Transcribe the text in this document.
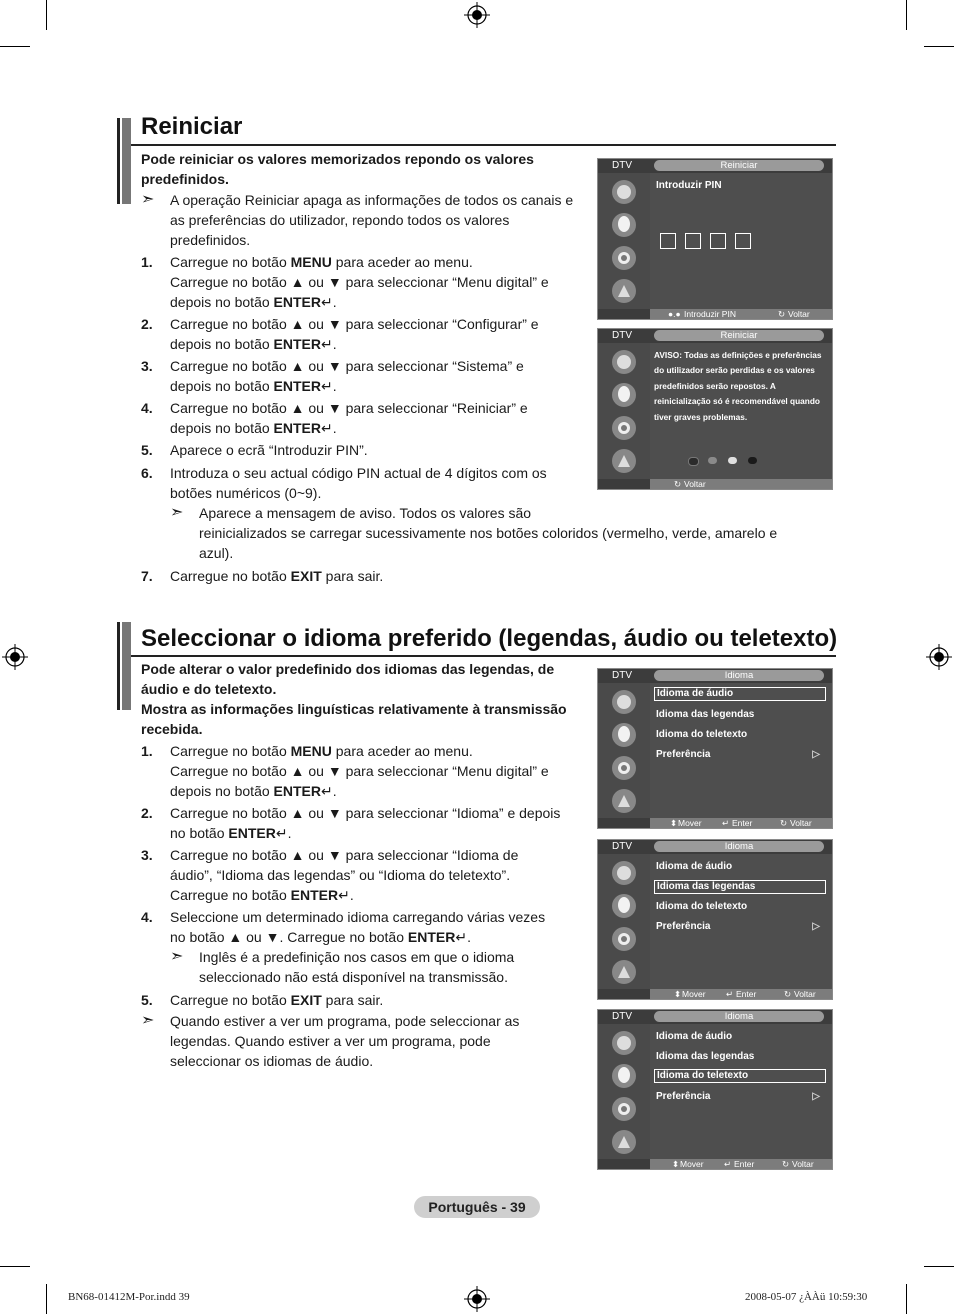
Reiniciar
Pode reiniciar os valores memorizados repondo os valores predefinidos.
➣ A operação Reiniciar apaga as informações de todos os canais e as preferências do utilizador, repondo todos os valores predefinidos.
1. Carregue no botão MENU para aceder ao menu.
Carregue no botão ▲ ou ▼ para seleccionar “Menu digital” e
depois no botão ENTER↵.
2. Carregue no botão ▲ ou ▼ para seleccionar “Configurar” e
depois no botão ENTER↵.
3. Carregue no botão ▲ ou ▼ para seleccionar “Sistema” e
depois no botão ENTER↵.
4. Carregue no botão ▲ ou ▼ para seleccionar “Reiniciar” e
depois no botão ENTER↵.
5. Aparece o ecrã “Introduzir PIN”.
6. Introduza o seu actual código PIN actual de 4 dígitos com os
botões numéricos (0~9).
➣ Aparece a mensagem de aviso. Todos os valores são
reinicializados se carregar sucessivamente nos botões coloridos (vermelho, verde, amarelo e
azul).
7. Carregue no botão EXIT para sair.
DTV	Reiniciar
Introduzir PIN
●.● Introduzir PIN	↻ Voltar
DTV	Reiniciar
AVISO: Todas as definições e preferências do utilizador serão perdidas e os valores predefinidos serão repostos. A reinicialização só é recomendável quando tiver graves problemas.
↻ Voltar
Seleccionar o idioma preferido (legendas, áudio ou teletexto)
Pode alterar o valor predefinido dos idiomas das legendas, de áudio e do teletexto.
Mostra as informações linguísticas relativamente à transmissão recebida.
1. Carregue no botão MENU para aceder ao menu.
Carregue no botão ▲ ou ▼ para seleccionar “Menu digital” e
depois no botão ENTER↵.
2. Carregue no botão ▲ ou ▼ para seleccionar “Idioma” e depois
no botão ENTER↵.
3. Carregue no botão ▲ ou ▼ para seleccionar “Idioma de
áudio”, “Idioma das legendas” ou “Idioma do teletexto”.
Carregue no botão ENTER↵.
4. Seleccione um determinado idioma carregando várias vezes
no botão ▲ ou ▼. Carregue no botão ENTER↵.
➣ Inglês é a predefinição nos casos em que o idioma seleccionado não está disponível na transmissão.
5. Carregue no botão EXIT para sair.
➣ Quando estiver a ver um programa, pode seleccionar as legendas. Quando estiver a ver um programa, pode seleccionar os idiomas de áudio.
DTV	Idioma
Idioma de áudio
Idioma das legendas
Idioma do teletexto
Preferência	▷
⬍ Mover ↵ Enter	↻ Voltar
DTV	Idioma
Idioma de áudio
Idioma das legendas
Idioma do teletexto
Preferência	▷
⬍ Mover ↵ Enter	↻ Voltar
DTV	Idioma
Idioma de áudio
Idioma das legendas
Idioma do teletexto
Preferência	▷
⬍ Mover ↵ Enter	↻ Voltar
Português - 39
BN68-01412M-Por.indd 39	2008-05-07 ¿ÀÀü 10:59:30
